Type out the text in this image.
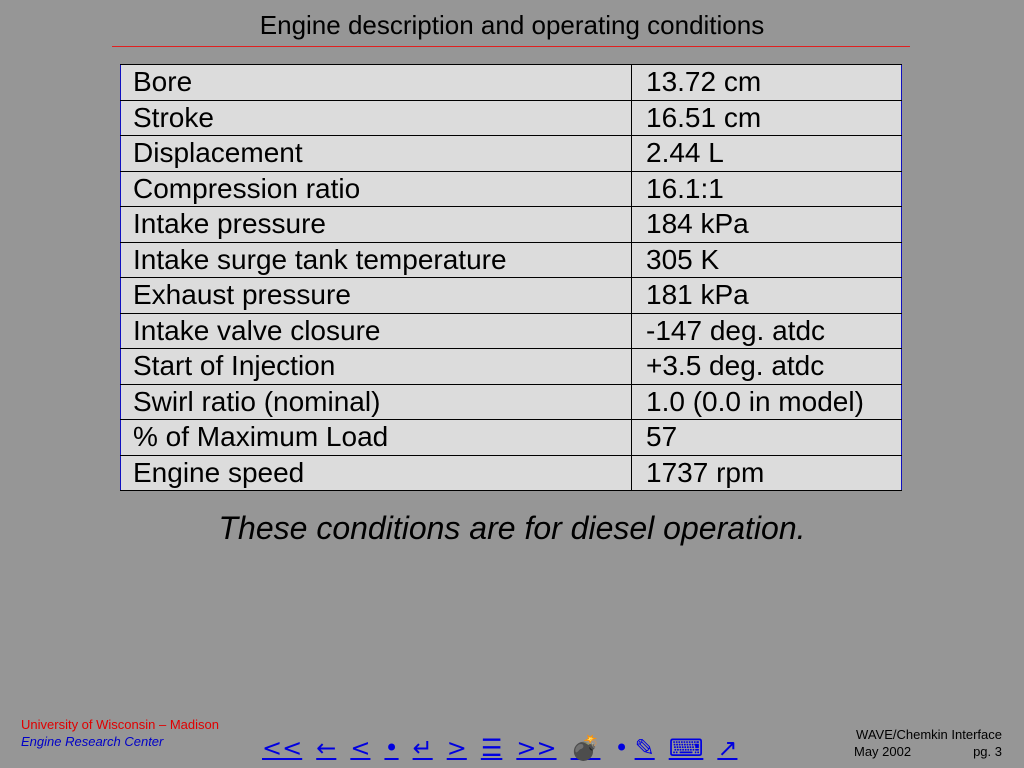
Engine description and operating conditions
Bore	13.72 cm
Stroke	16.51 cm
Displacement	2.44 L
Compression ratio	16.1:1
Intake pressure	184 kPa
Intake surge tank temperature	305 K
Exhaust pressure	181 kPa
Intake valve closure	-147 deg. atdc
Start of Injection	+3.5 deg. atdc
Swirl ratio (nominal)	1.0 (0.0 in model)
% of Maximum Load	57
Engine speed	1737 rpm
These conditions are for diesel operation.
University of Wisconsin – Madison
Engine Research Center	<< ← < • ↵ > ☰ >> 💣 • ✎ ⌨ ↗	WAVE/Chemkin Interface
May 2002	pg. 3
